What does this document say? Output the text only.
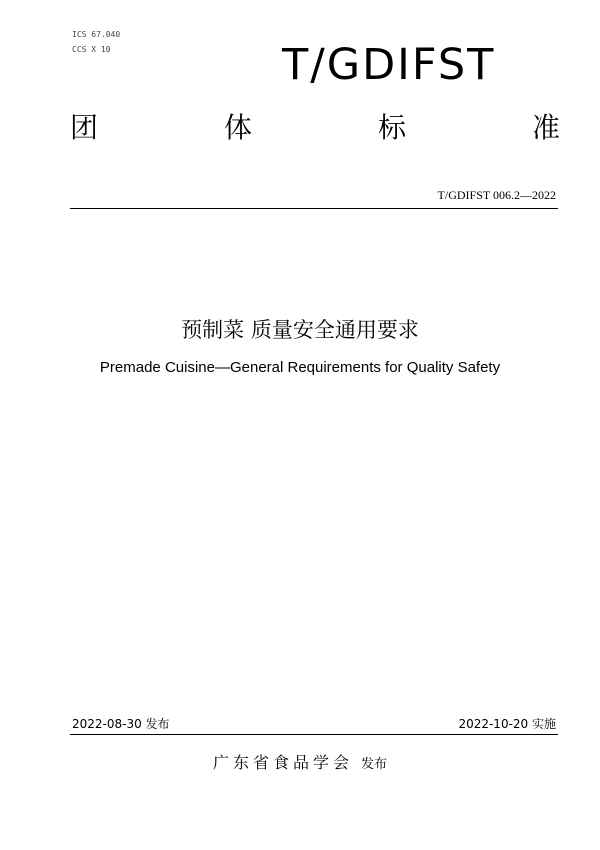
ICS 67.040
CCS X 10	T/GDIFST
团	体	标	准
T/GDIFST 006.2—2022
预制菜 质量安全通用要求
Premade Cuisine—General Requirements for Quality Safety
2022-08-30 发布	2022-10-20 实施
广东省食品学会 发布
